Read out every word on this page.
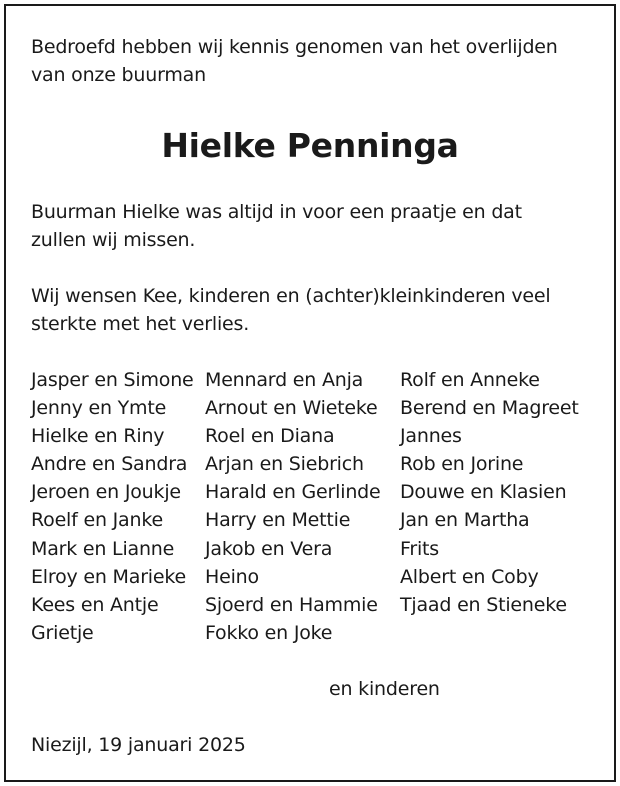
Bedroefd hebben wij kennis genomen van het overlijden
van onze buurman
Hielke Penninga
Buurman Hielke was altijd in voor een praatje en dat
zullen wij missen.
Wij wensen Kee, kinderen en (achter)kleinkinderen veel
sterkte met het verlies.
Jasper en Simone
Jenny en Ymte
Hielke en Riny
Andre en Sandra
Jeroen en Joukje
Roelf en Janke
Mark en Lianne
Elroy en Marieke
Kees en Antje
Grietje
Mennard en Anja
Arnout en Wieteke
Roel en Diana
Arjan en Siebrich
Harald en Gerlinde
Harry en Mettie
Jakob en Vera
Heino
Sjoerd en Hammie
Fokko en Joke
Rolf en Anneke
Berend en Magreet
Jannes
Rob en Jorine
Douwe en Klasien
Jan en Martha
Frits
Albert en Coby
Tjaad en Stieneke
en kinderen
Niezijl, 19 januari 2025
